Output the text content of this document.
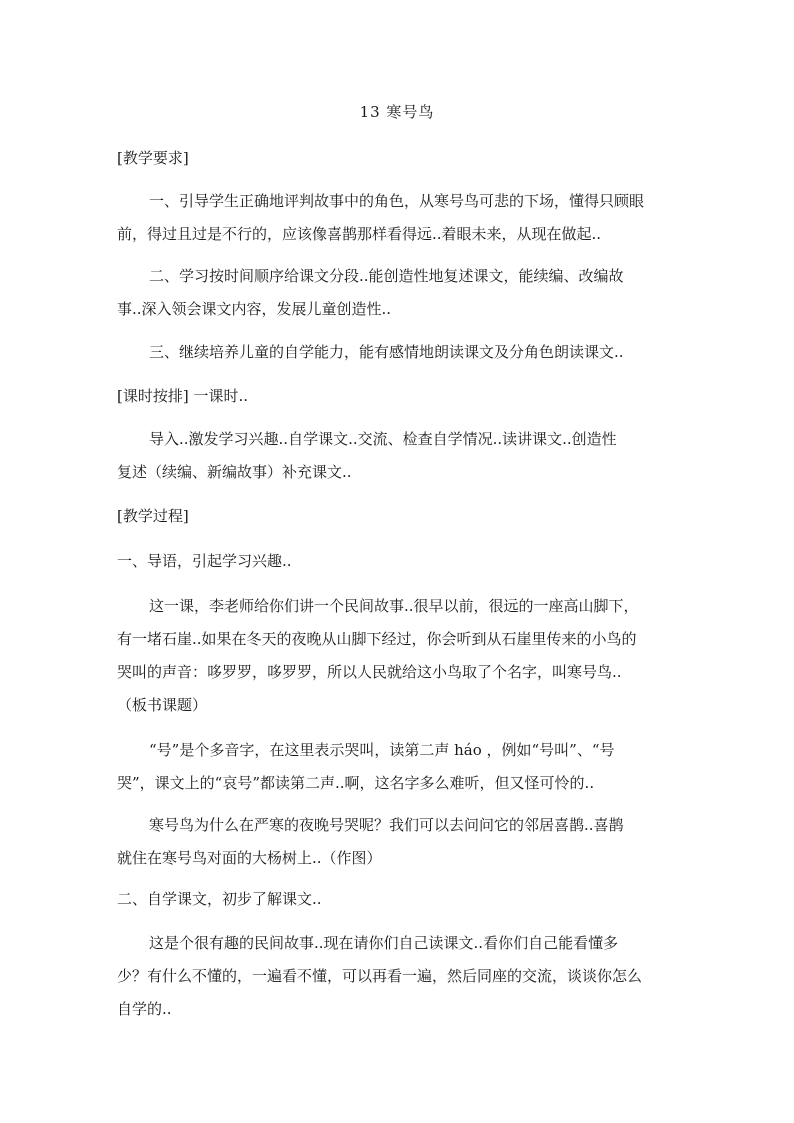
13 寒号鸟
[教学要求]
一、引导学生正确地评判故事中的角色，从寒号鸟可悲的下场，懂得只顾眼
前，得过且过是不行的，应该像喜鹊那样看得远..着眼未来，从现在做起..
二、学习按时间顺序给课文分段..能创造性地复述课文，能续编、改编故
事..深入领会课文内容，发展儿童创造性..
三、继续培养儿童的自学能力，能有感情地朗读课文及分角色朗读课文..
[课时按排] 一课时..
导入..激发学习兴趣..自学课文..交流、检查自学情况..读讲课文..创造性
复述（续编、新编故事）补充课文..
[教学过程]
一、导语，引起学习兴趣..
这一课，李老师给你们讲一个民间故事..很早以前，很远的一座高山脚下，
有一堵石崖..如果在冬天的夜晚从山脚下经过，你会听到从石崖里传来的小鸟的
哭叫的声音：哆罗罗，哆罗罗，所以人民就给这小鸟取了个名字，叫寒号鸟..
（板书课题）
“号”是个多音字，在这里表示哭叫，读第二声 háo ，例如“号叫”、“号
哭”，课文上的“哀号”都读第二声..啊，这名字多么难听，但又怪可怜的..
寒号鸟为什么在严寒的夜晚号哭呢？我们可以去问问它的邻居喜鹊..喜鹊
就住在寒号鸟对面的大杨树上..（作图）
二、自学课文，初步了解课文..
这是个很有趣的民间故事..现在请你们自己读课文..看你们自己能看懂多
少？有什么不懂的，一遍看不懂，可以再看一遍，然后同座的交流，谈谈你怎么
自学的..
